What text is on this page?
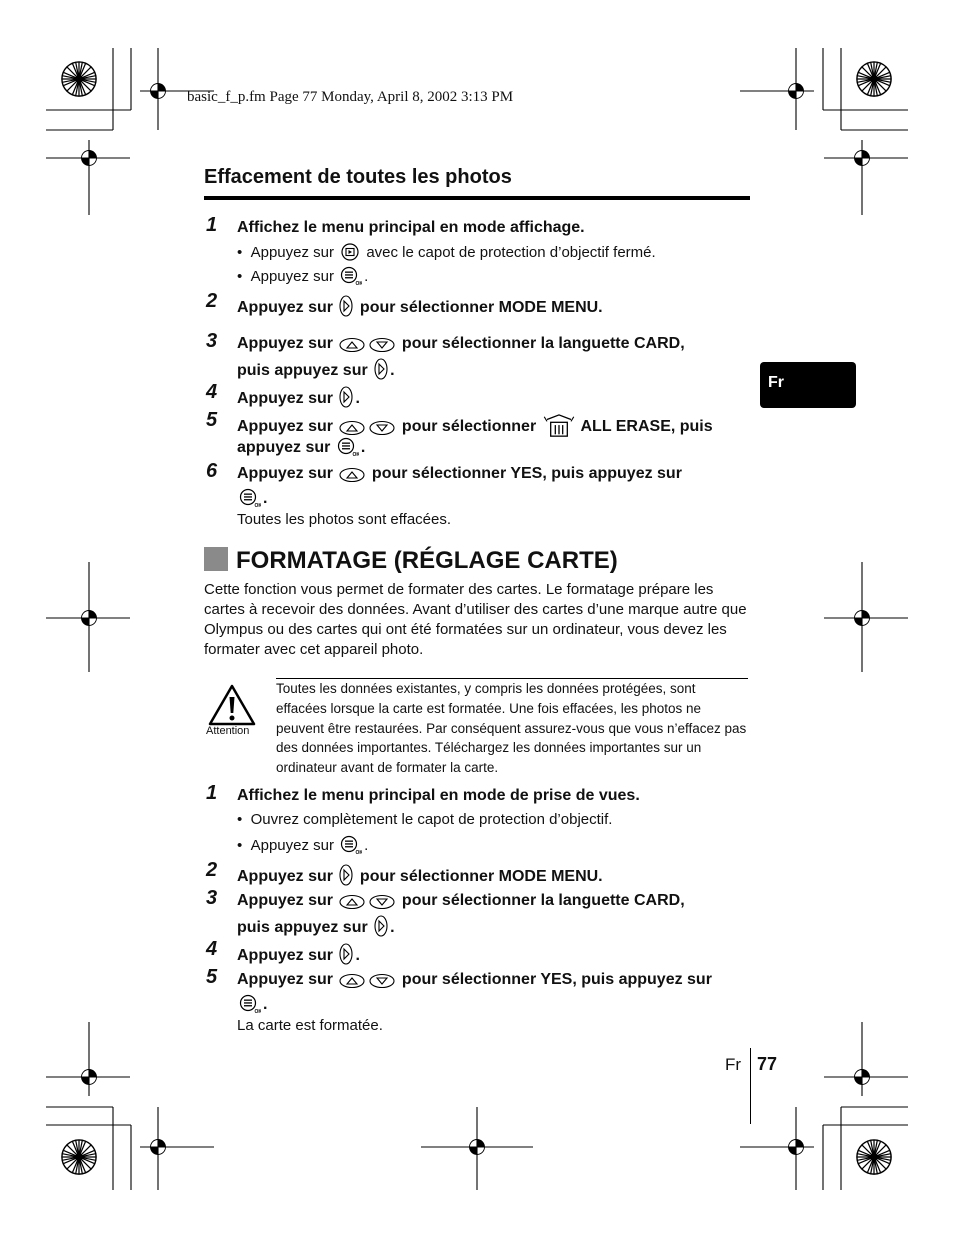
basic_f_p.fm Page 77 Monday, April 8, 2002 3:13 PM
Effacement de toutes les photos
1	Affichez le menu principal en mode affichage.
•  Appuyez sur avec le capot de protection d’objectif fermé.
•  Appuyez sur .
2	Appuyez sur pour sélectionner MODE MENU.
3	Appuyez sur	pour sélectionner la languette CARD,
puis appuyez sur .
4	Appuyez sur .
5	Appuyez sur	pour sélectionner	ALL ERASE, puis
appuyez sur .
6	Appuyez sur pour sélectionner YES, puis appuyez sur
.
Toutes les photos sont effacées.
FORMATAGE (RÉGLAGE CARTE)
Cette fonction vous permet de formater des cartes. Le formatage prépare les cartes à recevoir des données. Avant d’utiliser des cartes d’une marque autre que Olympus ou des cartes qui ont été formatées sur un ordinateur, vous devez les formater avec cet appareil photo.
Attention
Toutes les données existantes, y compris les données protégées, sont effacées lorsque la carte est formatée. Une fois effacées, les photos ne peuvent être restaurées. Par conséquent assurez-vous que vous n’effacez pas des données importantes. Téléchargez les données importantes sur un ordinateur avant de formater la carte.
1	Affichez le menu principal en mode de prise de vues.
•  Ouvrez complètement le capot de protection d’objectif.
•  Appuyez sur .
2	Appuyez sur pour sélectionner MODE MENU.
3	Appuyez sur	pour sélectionner la languette CARD,
puis appuyez sur .
4	Appuyez sur .
5	Appuyez sur	pour sélectionner YES, puis appuyez sur
.
La carte est formatée.
Fr
Fr 77
